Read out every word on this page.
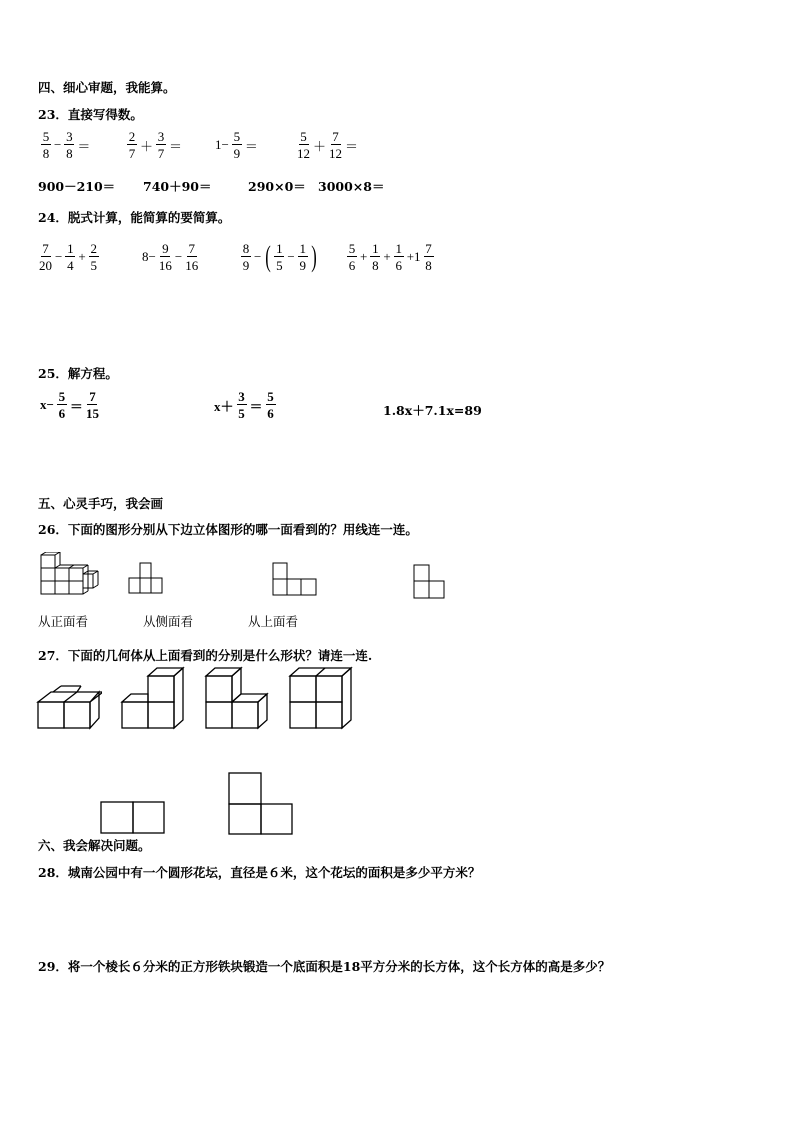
四、细心审题，我能算。
23．直接写得数。
$\frac{5}{8} - \frac{3}{8}$ ＝	$\frac{2}{7} + \frac{3}{7}$ ＝	$1- \frac{5}{9}$ ＝	$\frac{5}{12} + \frac{7}{12}$ ＝
900－210＝ 740＋90＝	290×0＝ 3000×8＝
24．脱式计算，能简算的要简算。
$\frac{7}{20} - \frac{1}{4} + \frac{2}{5}$	$8- \frac{9}{16} - \frac{7}{16}$	$\frac{8}{9}$ − ( $\frac{1}{5} - \frac{1}{9}$ ) $\frac{5}{6} + \frac{1}{8} + \frac{1}{6} +1 \frac{7}{8}$
25．解方程。
$x- \frac{5}{6} = \frac{7}{15}$	$x+ \frac{3}{5} = \frac{5}{6}$	1.8x＋7.1x=89
五、心灵手巧，我会画
26．下面的图形分别从下边立体图形的哪一面看到的？用线连一连。
从正面看	从侧面看	从上面看
27．下面的几何体从上面看到的分别是什么形状？请连一连.
六、我会解决问题。
28．城南公园中有一个圆形花坛，直径是６米，这个花坛的面积是多少平方米？
29．将一个棱长６分米的正方形铁块锻造一个底面积是18平方分米的长方体，这个长方体的高是多少？
